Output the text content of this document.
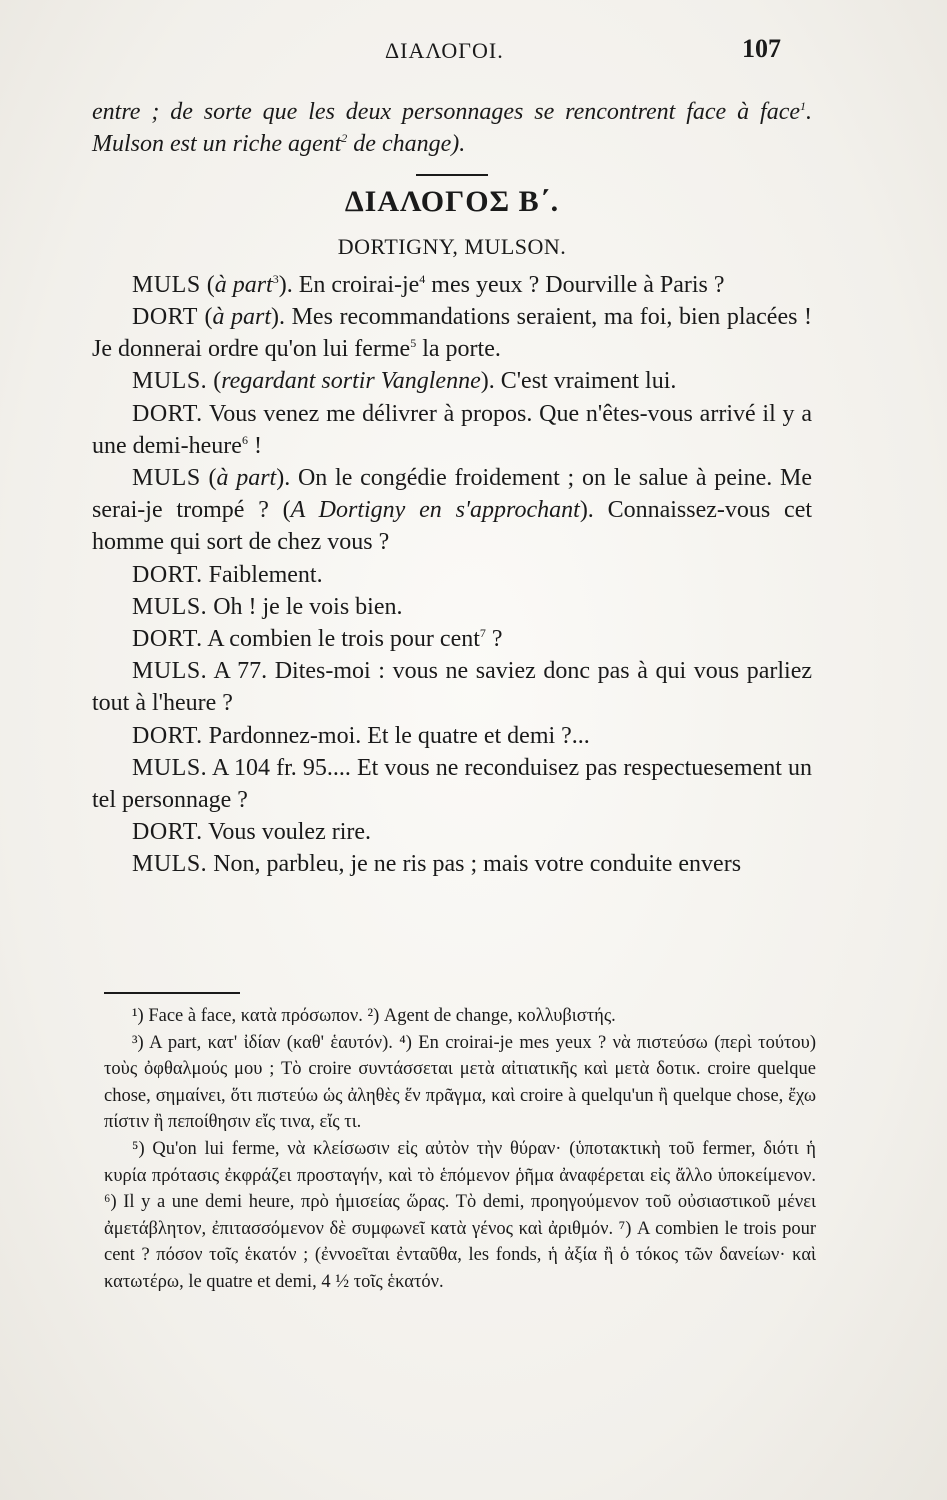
ΔΙΑΛΟΓΟΙ.	107

entre ; de sorte que les deux personnages se rencontrent face à face$^1$. Mulson est un riche agent$^2$ de change).

ΔΙΑΛΟΓΟΣ Β΄.

DORTIGNY, MULSON.

MULS (à part$^3$). En croirai-$je^4$ mes yeux ? Dourville à Paris ?

DORT (à part). Mes recommandations seraient, ma foi, bien placées ! Je donnerai ordre qu'on lui ferme$^5$ la porte.

MULS. (regardant sortir Vanglenne). C'est vraiment lui.

DORT. Vous venez me délivrer à propos. Que n'êtes-vous arrivé il y a une demi-heure$^6$ !

MULS (à part). On le congédie froidement ; on le salue à peine. Me serai-je trompé ? (A Dortigny en s'approchant). Connaissez-vous cet homme qui sort de chez vous ?

DORT. Faiblement.

MULS. Oh ! je le vois bien.

DORT. A combien le trois pour cent$^7$ ?

MULS. A 77. Dites-moi : vous ne saviez donc pas à qui vous parliez tout à l'heure ?

DORT. Pardonnez-moi. Et le quatre et demi ?...

MULS. A 104 fr. 95.... Et vous ne reconduisez pas respectuesement un tel personnage ?

DORT. Vous voulez rire.

MULS. Non, parbleu, je ne ris pas ; mais votre conduite envers

¹) Face à face, κατὰ πρόσωπον. ²) Agent de change, κολλυβιστής.

³) A part, κατ' ἰδίαν (καθ' ἑαυτόν). ⁴) En croirai-je mes yeux ? νὰ πιστεύσω (περὶ τούτου) τοὺς ὀφθαλμούς μου ; Τὸ croire συντάσσεται μετὰ αἰτιατικῆς καὶ μετὰ δοτικ. croire quelque chose, σημαίνει, ὅτι πιστεύω ὡς ἀληθὲς ἕν πρᾶγμα, καὶ croire à quelqu'un ἢ quelque chose, ἔχω πίστιν ἢ πεποίθησιν εἴς τινα, εἴς τι.

⁵) Qu'on lui ferme, νὰ κλείσωσιν εἰς αὐτὸν τὴν θύραν· (ὑποτακτικὴ τοῦ fermer, διότι ἡ κυρία πρότασις ἐκφράζει προσταγήν, καὶ τὸ ἑπόμενον ῥῆμα ἀναφέρεται εἰς ἄλλο ὑποκείμενον. ⁶) Il y a une demi heure, πρὸ ἡμισείας ὥρας. Τὸ demi, προηγούμενον τοῦ οὐσιαστικοῦ μένει ἀμετάβλητον, ἐπιτασσόμενον δὲ συμφωνεῖ κατὰ γένος καὶ ἀριθμόν. ⁷) A combien le trois pour cent ? πόσον τοῖς ἑκατόν ; (ἐννοεῖται ἐνταῦθα, les fonds, ἡ ἀξία ἢ ὁ τόκος τῶν δανείων· καὶ κατωτέρω, le quatre et demi, 4 ½ τοῖς ἑκατόν.
